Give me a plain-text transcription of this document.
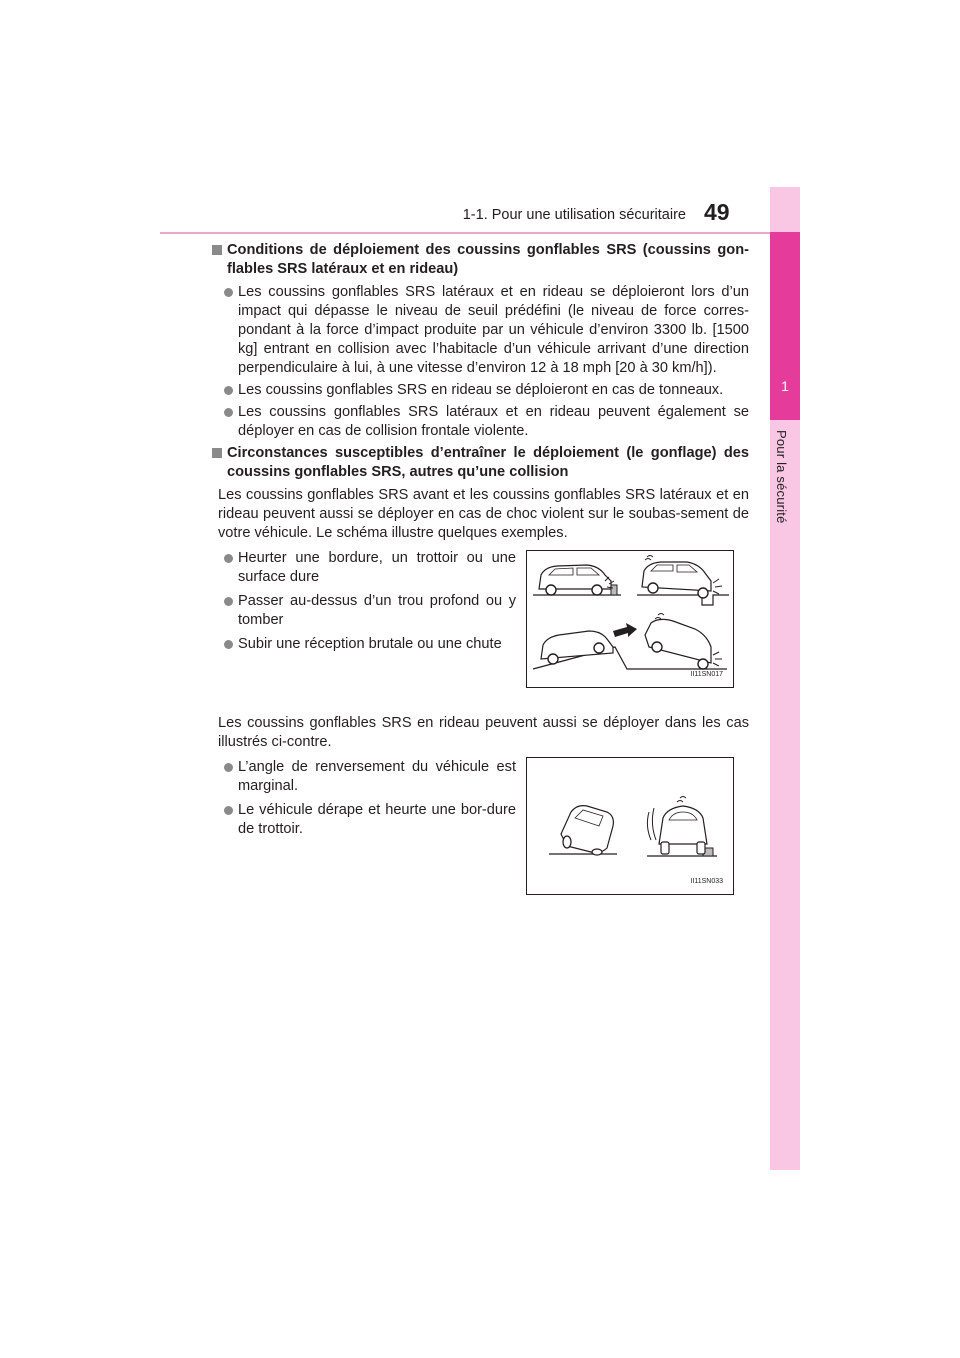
1-1. Pour une utilisation sécuritaire 49
1
Pour la sécurité
Conditions de déploiement des coussins gonflables SRS (coussins gon-flables SRS latéraux et en rideau)
Les coussins gonflables SRS latéraux et en rideau se déploieront lors d’un impact qui dépasse le niveau de seuil prédéfini (le niveau de force corres-pondant à la force d’impact produite par un véhicule d’environ 3300 lb. [1500 kg] entrant en collision avec l’habitacle d’un véhicule arrivant d’une direction perpendiculaire à lui, à une vitesse d’environ 12 à 18 mph [20 à 30 km/h]).
Les coussins gonflables SRS en rideau se déploieront en cas de tonneaux.
Les coussins gonflables SRS latéraux et en rideau peuvent également se déployer en cas de collision frontale violente.
Circonstances susceptibles d’entraîner le déploiement (le gonflage) des coussins gonflables SRS, autres qu’une collision
Les coussins gonflables SRS avant et les coussins gonflables SRS latéraux et en rideau peuvent aussi se déployer en cas de choc violent sur le soubas-sement de votre véhicule. Le schéma illustre quelques exemples.
Heurter une bordure, un trottoir ou une surface dure
Passer au-dessus d’un trou profond ou y tomber
Subir une réception brutale ou une chute
II11SN017
Les coussins gonflables SRS en rideau peuvent aussi se déployer dans les cas illustrés ci-contre.
L’angle de renversement du véhicule est marginal.
Le véhicule dérape et heurte une bor-dure de trottoir.
II11SN033
